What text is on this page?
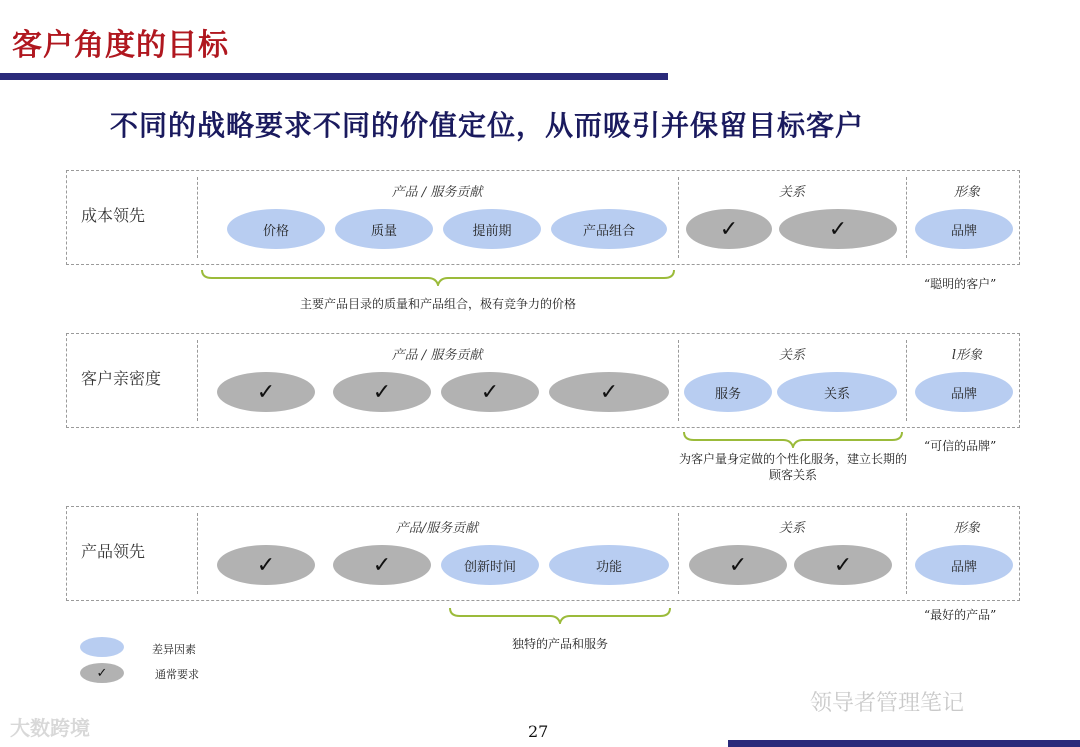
客户角度的目标
不同的战略要求不同的价值定位，从而吸引并保留目标客户
成本领先
产品 / 服务贡献	关系	形象
价格	质量	提前期	产品组合	✓	✓	品牌
主要产品目录的质量和产品组合，极有竞争力的价格
“聪明的客户”
客户亲密度
产品 / 服务贡献	关系	l形象
✓	✓	✓	✓	服务	关系	品牌
为客户量身定做的个性化服务，建立长期的
顾客关系
“可信的品牌”
产品领先
产品/服务贡献	关系	形象
✓	✓	创新时间	功能	✓	✓	品牌
独特的产品和服务
“最好的产品”
差异因素
✓	通常要求
领导者管理笔记
大数跨境	27
